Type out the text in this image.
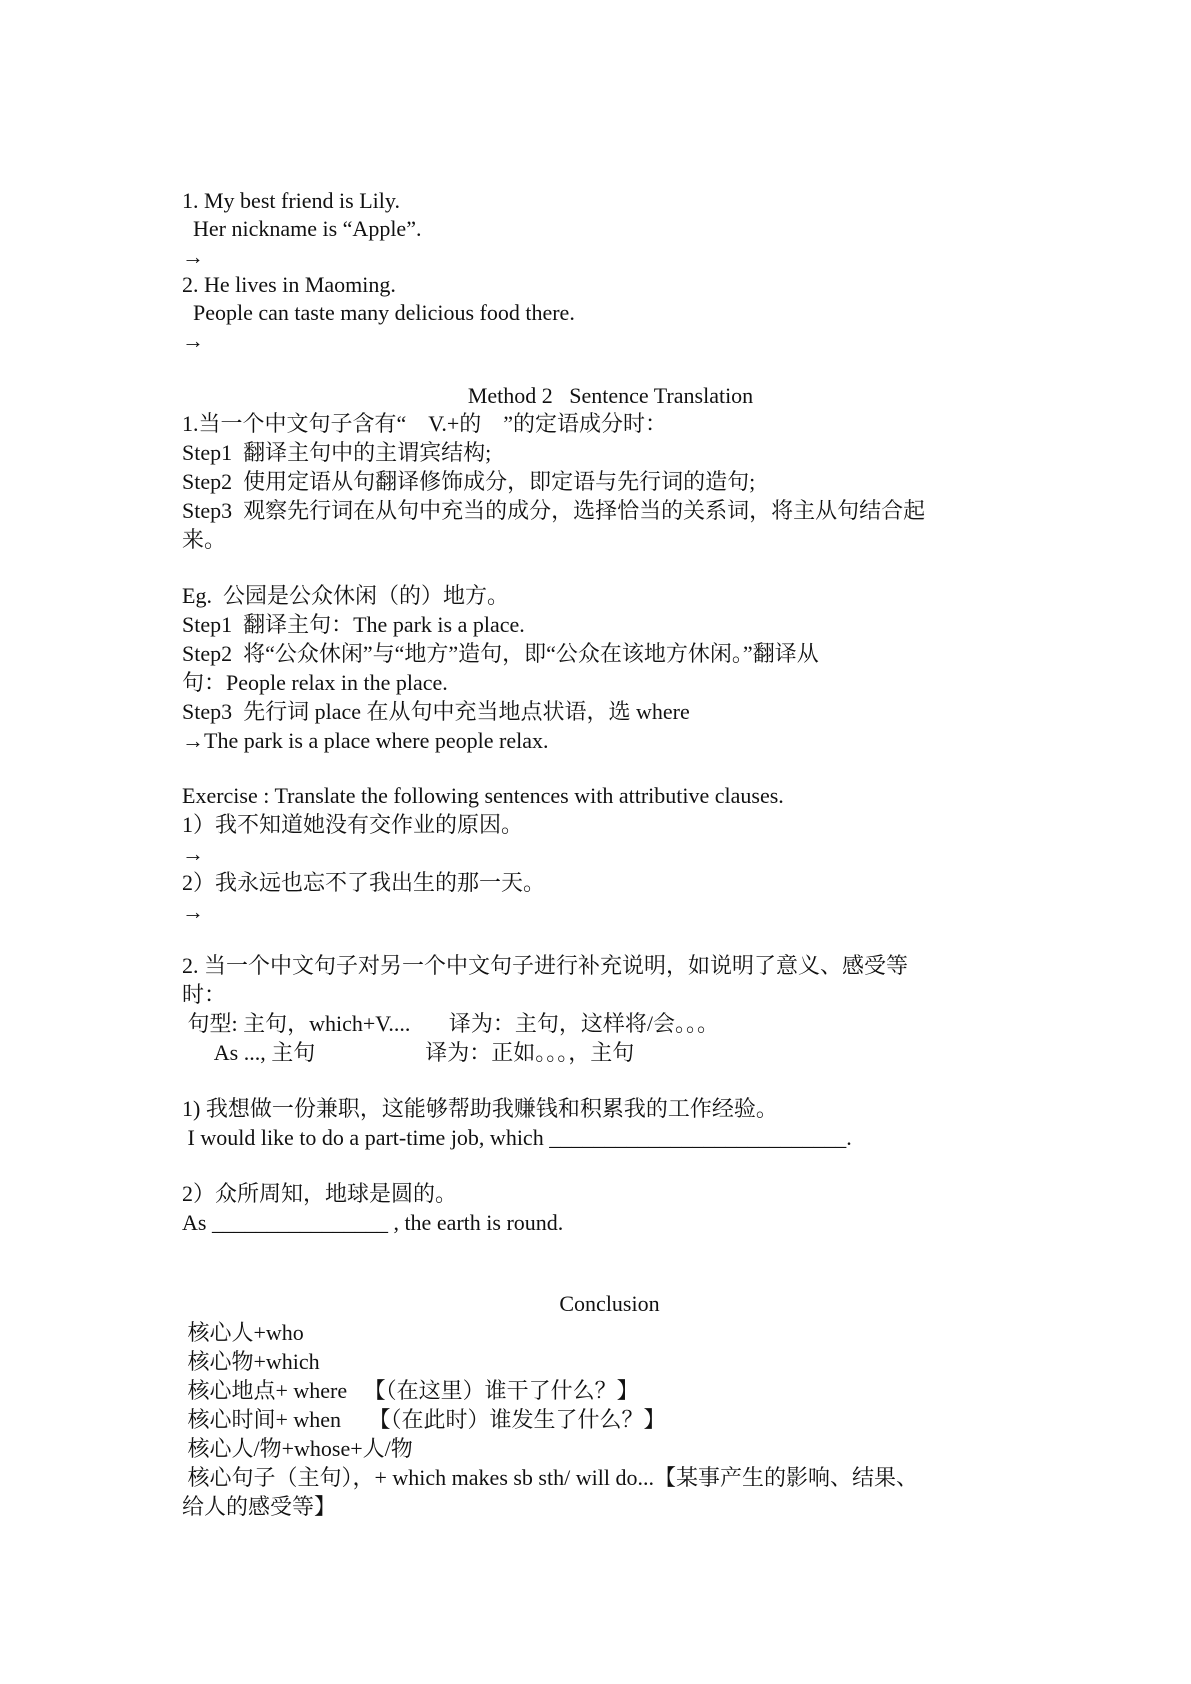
1. My best friend is Lily.
Her nickname is “Apple”.
→
2. He lives in Maoming.
People can taste many delicious food there.
→
Method 2   Sentence Translation
1.当一个中文句子含有“    V.+的    ”的定语成分时：
Step1  翻译主句中的主谓宾结构;
Step2  使用定语从句翻译修饰成分，即定语与先行词的造句;
Step3  观察先行词在从句中充当的成分，选择恰当的关系词，将主从句结合起
来。
Eg.  公园是公众休闲（的）地方。
Step1  翻译主句：The park is a place.
Step2  将“公众休闲”与“地方”造句，即“公众在该地方休闲。”翻译从
句：People relax in the place.
Step3  先行词 place 在从句中充当地点状语，选 where
→The park is a place where people relax.
Exercise : Translate the following sentences with attributive clauses.
1）我不知道她没有交作业的原因。
→
2）我永远也忘不了我出生的那一天。
→
2. 当一个中文句子对另一个中文句子进行补充说明，如说明了意义、感受等
时：
句型: 主句，which+V....       译为：主句，这样将/会。。。
As ..., 主句                    译为：正如。。。，主句
1) 我想做一份兼职，这能够帮助我赚钱和积累我的工作经验。
I would like to do a part-time job, which ___________________________.
2）众所周知，地球是圆的。
As ________________ , the earth is round.
Conclusion
核心人+who
核心物+which
核心地点+ where   【（在这里）谁干了什么？】
核心时间+ when     【（在此时）谁发生了什么？】
核心人/物+whose+人/物
核心句子（主句），+ which makes sb sth/ will do...【某事产生的影响、结果、
给人的感受等】
